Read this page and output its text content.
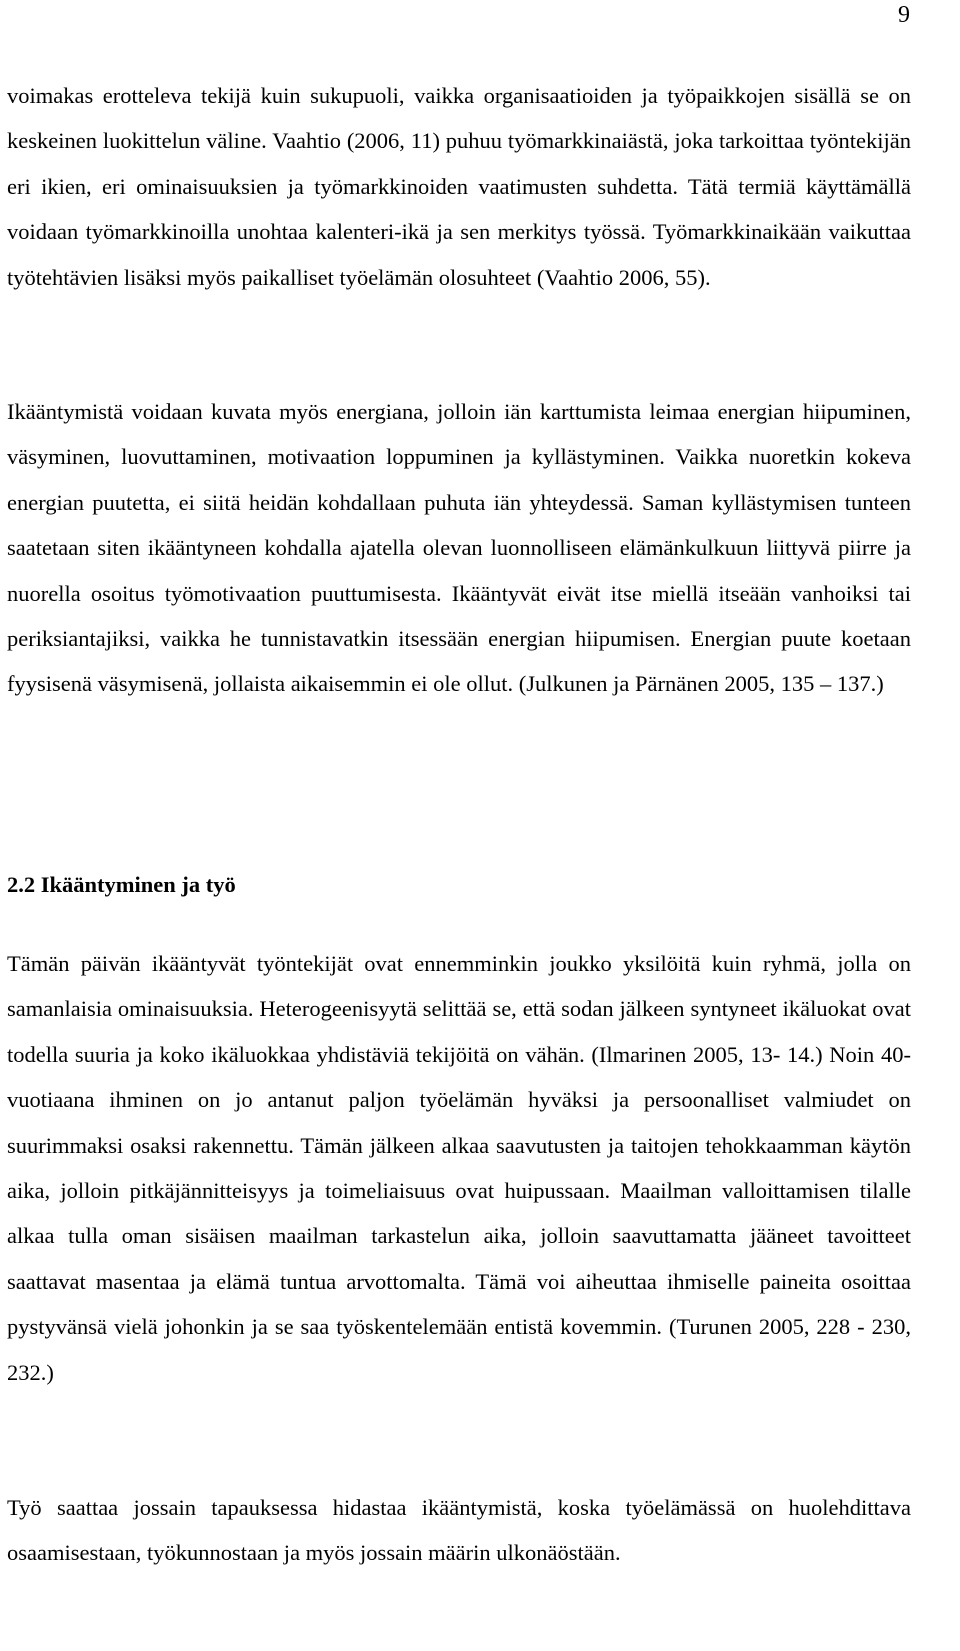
9

voimakas erotteleva tekijä kuin sukupuoli, vaikka organisaatioiden ja työpaikkojen sisällä se on keskeinen luokittelun väline. Vaahtio (2006, 11) puhuu työmarkkinaiästä, joka tarkoittaa työntekijän eri ikien, eri ominaisuuksien ja työmarkkinoiden vaatimusten suhdetta. Tätä termiä käyttämällä voidaan työmarkkinoilla unohtaa kalenteri-ikä ja sen merkitys työssä. Työmarkkinaikään vaikuttaa työtehtävien lisäksi myös paikalliset työelämän olosuhteet (Vaahtio 2006, 55).

Ikääntymistä voidaan kuvata myös energiana, jolloin iän karttumista leimaa energian hiipuminen, väsyminen, luovuttaminen, motivaation loppuminen ja kyllästyminen. Vaikka nuoretkin kokeva energian puutetta, ei siitä heidän kohdallaan puhuta iän yhteydessä. Saman kyllästymisen tunteen saatetaan siten ikääntyneen kohdalla ajatella olevan luonnolliseen elämänkulkuun liittyvä piirre ja nuorella osoitus työmotivaation puuttumisesta. Ikääntyvät eivät itse miellä itseään vanhoiksi tai periksiantajiksi, vaikka he tunnistavatkin itsessään energian hiipumisen. Energian puute koetaan fyysisenä väsymisenä, jollaista aikaisemmin ei ole ollut. (Julkunen ja Pärnänen 2005, 135 – 137.)

2.2 Ikääntyminen ja työ

Tämän päivän ikääntyvät työntekijät ovat ennemminkin joukko yksilöitä kuin ryhmä, jolla on samanlaisia ominaisuuksia. Heterogeenisyytä selittää se, että sodan jälkeen syntyneet ikäluokat ovat todella suuria ja koko ikäluokkaa yhdistäviä tekijöitä on vähän. (Ilmarinen 2005, 13- 14.) Noin 40-vuotiaana ihminen on jo antanut paljon työelämän hyväksi ja persoonalliset valmiudet on suurimmaksi osaksi rakennettu. Tämän jälkeen alkaa saavutusten ja taitojen tehokkaamman käytön aika, jolloin pitkäjännitteisyys ja toimeliaisuus ovat huipussaan. Maailman valloittamisen tilalle alkaa tulla oman sisäisen maailman tarkastelun aika, jolloin saavuttamatta jääneet tavoitteet saattavat masentaa ja elämä tuntua arvottomalta. Tämä voi aiheuttaa ihmiselle paineita osoittaa pystyvänsä vielä johonkin ja se saa työskentelemään entistä kovemmin. (Turunen 2005, 228 - 230, 232.)

Työ saattaa jossain tapauksessa hidastaa ikääntymistä, koska työelämässä on huolehdittava osaamisestaan, työkunnostaan ja myös jossain määrin ulkonäöstään.
